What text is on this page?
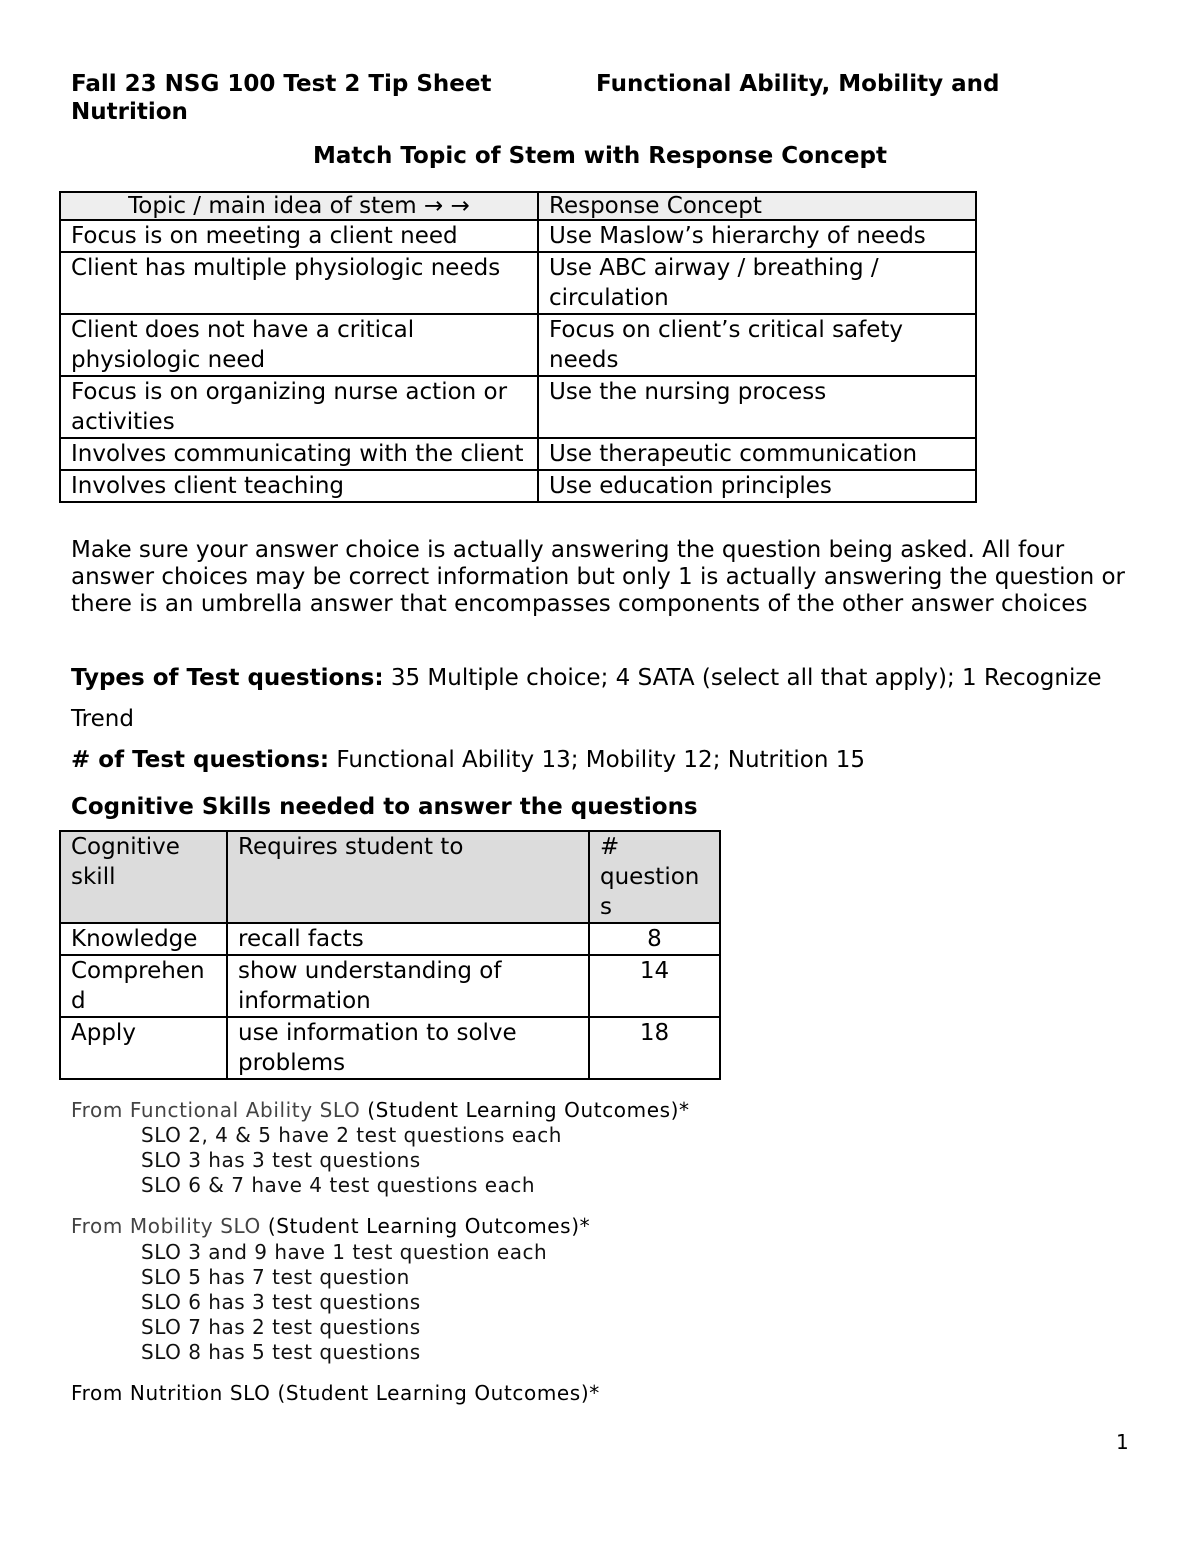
Fall 23 NSG 100 Test 2 Tip Sheet	Functional Ability, Mobility and
Nutrition
Match Topic of Stem with Response Concept
Topic / main idea of stem → →	Response Concept
Focus is on meeting a client need	Use Maslow’s hierarchy of needs
Client has multiple physiologic needs	Use ABC airway / breathing / circulation
Client does not have a critical physiologic need	Focus on client’s critical safety needs
Focus is on organizing nurse action or activities	Use the nursing process
Involves communicating with the client	Use therapeutic communication
Involves client teaching	Use education principles
Make sure your answer choice is actually answering the question being asked. All four answer choices may be correct information but only 1 is actually answering the question or there is an umbrella answer that encompasses components of the other answer choices
Types of Test questions: 35 Multiple choice; 4 SATA (select all that apply); 1 Recognize
Trend
# of Test questions: Functional Ability 13; Mobility 12; Nutrition 15
Cognitive Skills needed to answer the questions
Cognitive skill	Requires student to	# question s
Knowledge	recall facts	8
Comprehen d	show understanding of information	14
Apply	use information to solve problems	18
From Functional Ability SLO (Student Learning Outcomes)*
SLO 2, 4 & 5 have 2 test questions each
SLO 3 has 3 test questions
SLO 6 & 7 have 4 test questions each
From Mobility SLO (Student Learning Outcomes)*
SLO 3 and 9 have 1 test question each
SLO 5 has 7 test question
SLO 6 has 3 test questions
SLO 7 has 2 test questions
SLO 8 has 5 test questions
From Nutrition SLO (Student Learning Outcomes)*
1
